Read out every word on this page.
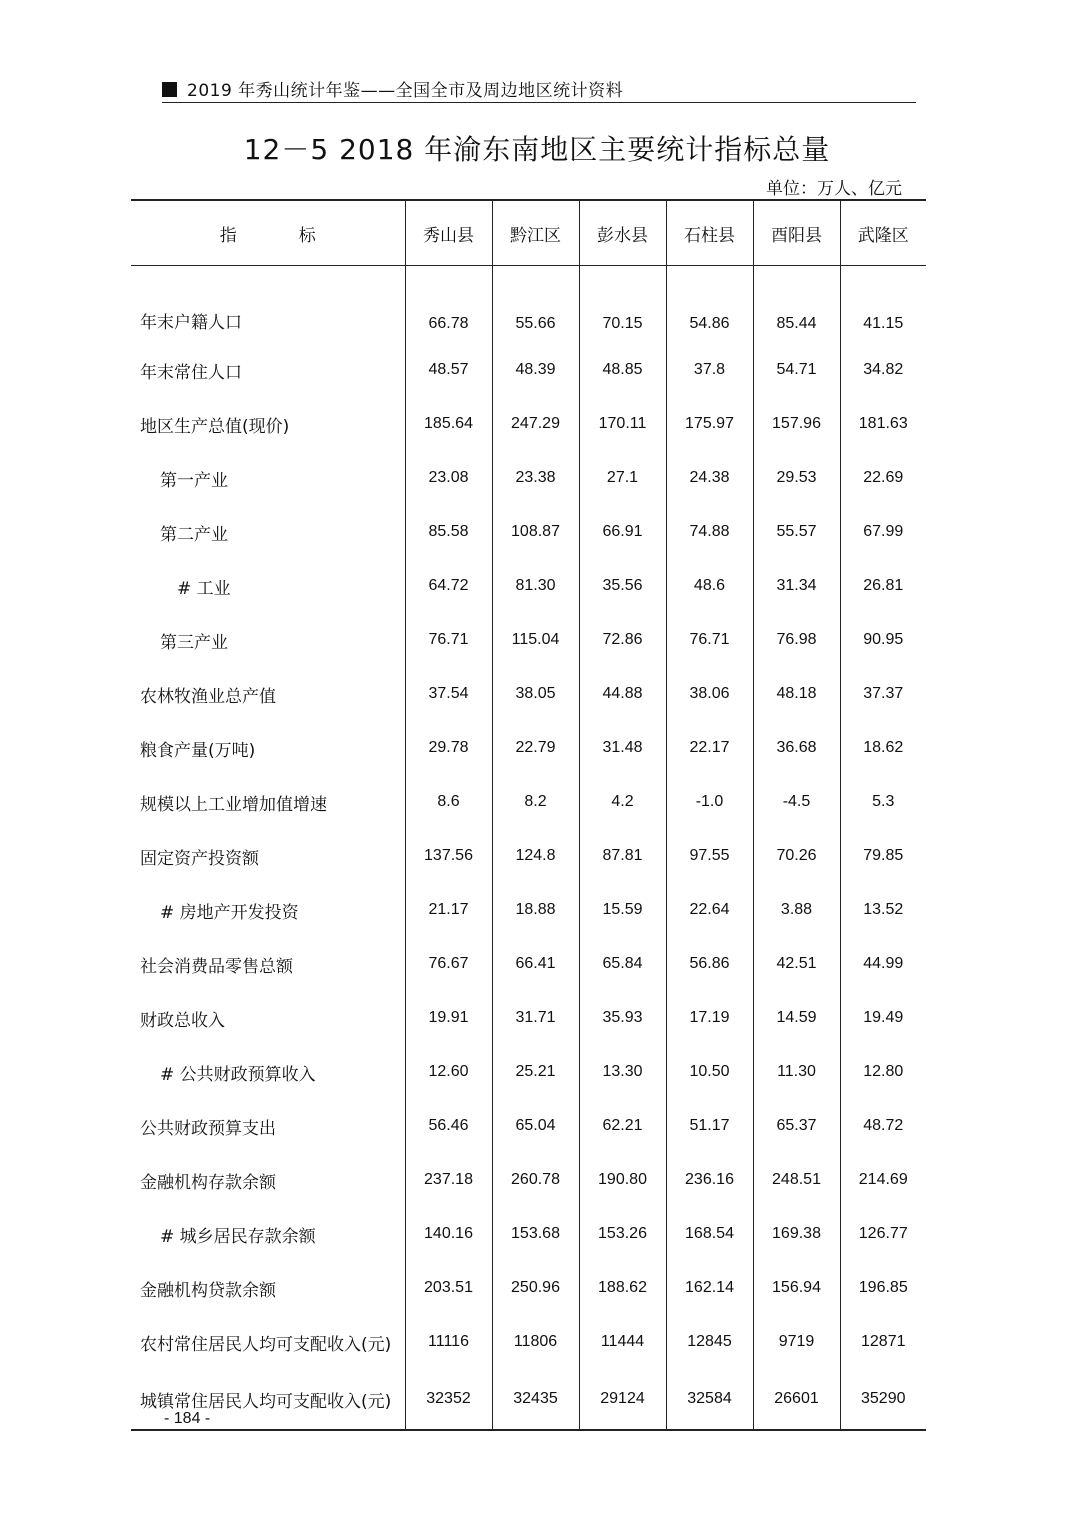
2019 年秀山统计年鉴——全国全市及周边地区统计资料
12－5 2018 年渝东南地区主要统计指标总量
单位：万人、亿元
指 标	秀山县	黔江区	彭水县	石柱县	酉阳县	武隆区
年末户籍人口	66.78	55.66	70.15	54.86	85.44	41.15
年末常住人口	48.57	48.39	48.85	37.8	54.71	34.82
地区生产总值(现价)	185.64	247.29	170.11	175.97	157.96	181.63
第一产业	23.08	23.38	27.1	24.38	29.53	22.69
第二产业	85.58	108.87	66.91	74.88	55.57	67.99
# 工业	64.72	81.30	35.56	48.6	31.34	26.81
第三产业	76.71	115.04	72.86	76.71	76.98	90.95
农林牧渔业总产值	37.54	38.05	44.88	38.06	48.18	37.37
粮食产量(万吨)	29.78	22.79	31.48	22.17	36.68	18.62
规模以上工业增加值增速	8.6	8.2	4.2	-1.0	-4.5	5.3
固定资产投资额	137.56	124.8	87.81	97.55	70.26	79.85
# 房地产开发投资	21.17	18.88	15.59	22.64	3.88	13.52
社会消费品零售总额	76.67	66.41	65.84	56.86	42.51	44.99
财政总收入	19.91	31.71	35.93	17.19	14.59	19.49
# 公共财政预算收入	12.60	25.21	13.30	10.50	11.30	12.80
公共财政预算支出	56.46	65.04	62.21	51.17	65.37	48.72
金融机构存款余额	237.18	260.78	190.80	236.16	248.51	214.69
# 城乡居民存款余额	140.16	153.68	153.26	168.54	169.38	126.77
金融机构贷款余额	203.51	250.96	188.62	162.14	156.94	196.85
农村常住居民人均可支配收入(元)	11116	11806	11444	12845	9719	12871
城镇常住居民人均可支配收入(元)	32352	32435	29124	32584	26601	35290
- 184 -
